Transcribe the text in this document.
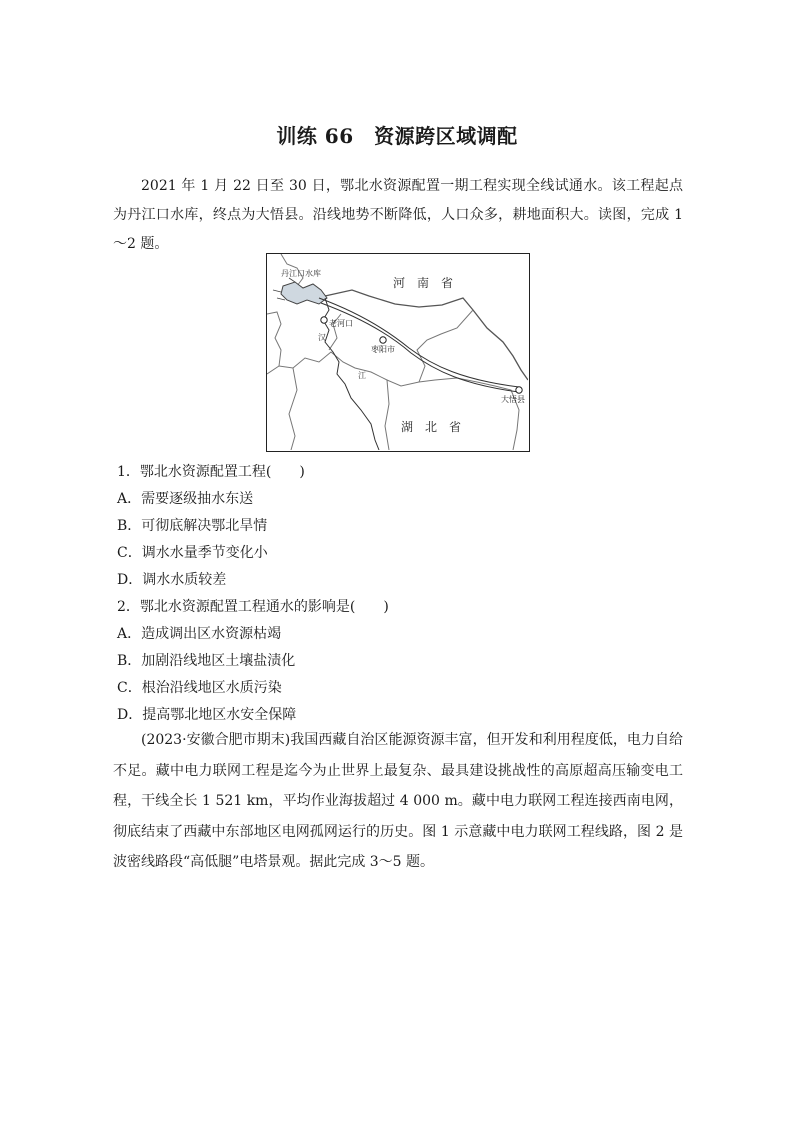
训练 66　资源跨区域调配

2021 年 1 月 22 日至 30 日，鄂北水资源配置一期工程实现全线试通水。该工程起点为丹江口水库，终点为大悟县。沿线地势不断降低，人口众多，耕地面积大。读图，完成 1～2 题。

丹江口水库
汉
江
老河口
枣阳市
大悟县
河　南　省
湖　北　省
1．鄂北水资源配置工程(　　)
A．需要逐级抽水东送
B．可彻底解决鄂北旱情
C．调水水量季节变化小
D．调水水质较差
2．鄂北水资源配置工程通水的影响是(　　)
A．造成调出区水资源枯竭
B．加剧沿线地区土壤盐渍化
C．根治沿线地区水质污染
D．提高鄂北地区水安全保障

(2023·安徽合肥市期末)我国西藏自治区能源资源丰富，但开发和利用程度低，电力自给不足。藏中电力联网工程是迄今为止世界上最复杂、最具建设挑战性的高原超高压输变电工程，干线全长 1 521 km，平均作业海拔超过 4 000 m。藏中电力联网工程连接西南电网，彻底结束了西藏中东部地区电网孤网运行的历史。图 1 示意藏中电力联网工程线路，图 2 是波密线路段“高低腿”电塔景观。据此完成 3～5 题。
